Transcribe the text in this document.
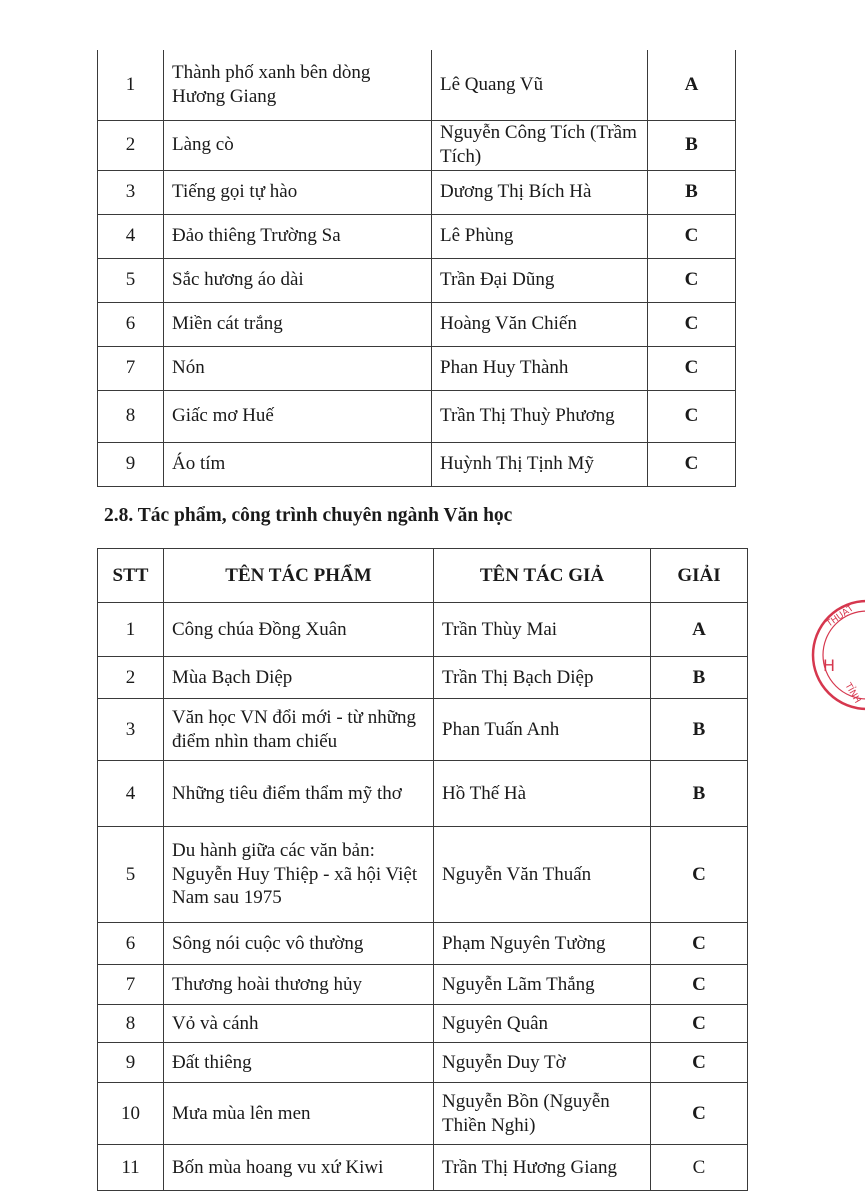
1	Thành phố xanh bên dòng Hương Giang	Lê Quang Vũ	A
2	Làng cò	Nguyễn Công Tích (Trầm Tích)	B
3	Tiếng gọi tự hào	Dương Thị Bích Hà	B
4	Đảo thiêng Trường Sa	Lê Phùng	C
5	Sắc hương áo dài	Trần Đại Dũng	C
6	Miền cát trắng	Hoàng Văn Chiến	C
7	Nón	Phan Huy Thành	C
8	Giấc mơ Huế	Trần Thị Thuỳ Phương	C
9	Áo tím	Huỳnh Thị Tịnh Mỹ	C
2.8. Tác phẩm, công trình chuyên ngành Văn học
STT	TÊN TÁC PHẨM	TÊN TÁC GIẢ	GIẢI
1	Công chúa Đồng Xuân	Trần Thùy Mai	A
2	Mùa Bạch Diệp	Trần Thị Bạch Diệp	B
3	Văn học VN đổi mới - từ những điểm nhìn tham chiếu	Phan Tuấn Anh	B
4	Những tiêu điểm thẩm mỹ thơ	Hồ Thế Hà	B
5	Du hành giữa các văn bản: Nguyễn Huy Thiệp - xã hội Việt Nam sau 1975	Nguyễn Văn Thuấn	C
6	Sông nói cuộc vô thường	Phạm Nguyên Tường	C
7	Thương hoài thương hủy	Nguyễn Lãm Thắng	C
8	Vỏ và cánh	Nguyên Quân	C
9	Đất thiêng	Nguyễn Duy Tờ	C
10	Mưa mùa lên men	Nguyễn Bồn (Nguyễn Thiền Nghi)	C
11	Bốn mùa hoang vu xứ Kiwi	Trần Thị Hương Giang	C
THUẬT
TỈNH
H
